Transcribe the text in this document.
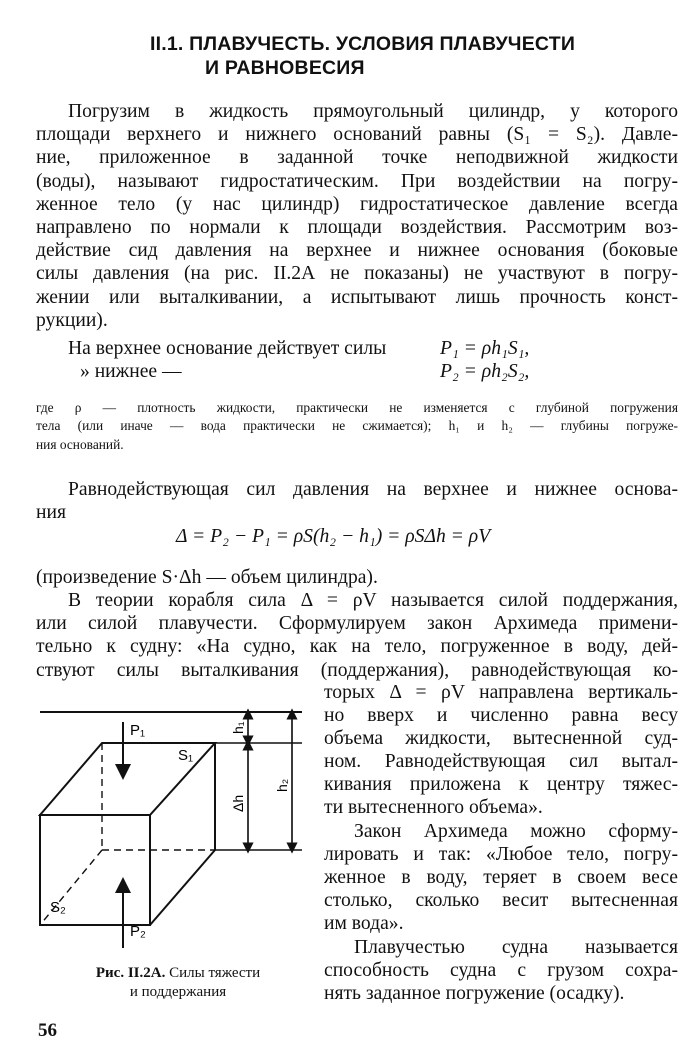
II.1. ПЛАВУЧЕСТЬ. УСЛОВИЯ ПЛАВУЧЕСТИ
И РАВНОВЕСИЯ
Погрузим в жидкость прямоугольный цилиндр, у которого
площади верхнего и нижнего оснований равны (S₁ = S₂). Давле-
ние, приложенное в заданной точке неподвижной жидкости
(воды), называют гидростатическим. При воздействии на погру-
женное тело (у нас цилиндр) гидростатическое давление всегда
направлено по нормали к площади воздействия. Рассмотрим воз-
действие сид давления на верхнее и нижнее основания (боковые
силы давления (на рис. II.2А не показаны) не участвуют в погру-
жении или выталкивании, а испытывают лишь прочность конст-
рукции).
На верхнее основание действует силы	P₁ = ρh₁S₁,
» нижнее —	P₂ = ρh₂S₂,
где ρ — плотность жидкости, практически не изменяется с глубиной погружения
тела (или иначе — вода практически не сжимается); h₁ и h₂ — глубины погруже-
ния оснований.
Равнодействующая сил давления на верхнее и нижнее основа-
ния
Δ = P₂ − P₁ = ρS(h₂ − h₁) = ρSΔh = ρV
(произведение S·Δh — объем цилиндра).
В теории корабля сила Δ = ρV называется силой поддержания,
или силой плавучести. Сформулируем закон Архимеда примени-
тельно к судну: «На судно, как на тело, погруженное в воду, дей-
ствуют силы выталкивания (поддержания), равнодействующая ко-
торых Δ = ρV направлена вертикаль-
но вверх и численно равна весу
объема жидкости, вытесненной суд-
ном. Равнодействующая сил вытал-
кивания приложена к центру тяжес-
ти вытесненного объема».
Закон Архимеда можно сформу-
лировать и так: «Любое тело, погру-
женное в воду, теряет в своем весе
столько, сколько весит вытесненная
им вода».
Плавучестью судна называется
способность судна с грузом сохра-
нять заданное погружение (осадку).
P₁
S₁
P₂
S₂
h₁
Δh
h₂
Рис. II.2А. Силы тяжести
и поддержания
56
